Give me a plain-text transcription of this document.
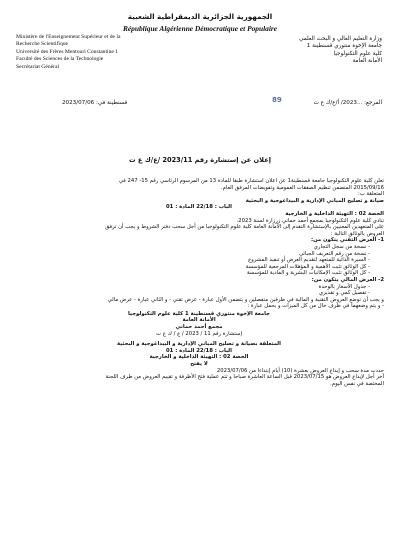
الجمهورية الجزائرية الديمقراطية الشعبية
République Algérienne Démocratique et Populaire
Ministère de l'Enseignement Supérieur et de la
Recherche Scientifique
Université des Frères Mentouri Constantine 1
Faculté des Sciences de la Technologie
Secrétariat Général
وزارة التعليم العالي و البحث العلمي
جامعة الإخوة منتوري قسنطينة 1
كلية علوم التكنولوجيا
الأمانة العامة
قسنطينة في: 2023/07/06	المرجع: ...2023/ أ/ع/ك ع ت
89
إعلان عن إستشارة رقم 2023/11 /ع/ك ع ت
تعلن كلية علوم التكنولوجيا جامعة قسنطينة1 عن اعلان استشارة طبقا للمادة 13 من المرسوم الرئاسي رقم 15- 247 في
2015/09/16 المتضمن تنظيم الصفقات العمومية وتفويضات المرفق العام.
المتعلقة ب:
صيانة و تصليح المباني الإدارية و البيداغوجية و البحثية
الباب : 22/18 المادة : 01
الحصة 02 : التهيئة الداخلية و الخارجية
تنادي كلية علوم التكنولوجيا بمجمع أحمد حماني زرزارة لسنة 2023.
على المتعهدين المعنيين بالإستشارة التقدم إلى الأمانة العامة كلية علوم التكنولوجيا من أجل سحب دفتر الشروط و يجب أن ترفق
العروض بالوثائق التالية :
1- العرض التقني يتكون من:
- نسخة من سجل التجاري
- نسخة من رقم التعريف الجبائي
- السيرة الذاتية للمتعهد لتقديم العرض أو تنفيذ المشروع
- كل الوثائق تثبت الأهمية و المؤهلات المرجعية للمؤسسة
- كل الوثائق تثبت الإمكانيات البشرية و المادية للمؤسسة
2- العرض المالي يتكون من:
- جدول الأسعار بالوحدة
- تفصيل كمي و تقديري
و يجب أن توضع العروض التقنية و المالية في ظرفين منفصلين و يتضمن الأول عبارة - عرض تقني - و الثاني عبارة - عرض مالي
- و يتم وضعهما في ظرف خال من كل الميزات و يحمل عبارة :
جامعة الإخوة منتوري قسنطينة 1 كلية علوم التكنولوجيا
الأمانة العامة
مجمع أحمد حماني
إستشارة رقم 11 / 2023 / ع / ك ع ت
المتعلقة بصيانة و تصليح المباني الإدارية و البيداغوجية و البحثية
الباب : 22/18 المادة : 01
الحصة 02 : التهيئة الداخلية و الخارجية
لا يفتح
حددت مدة سحب و إيداع العروض بعشرة (10) أيام إبتداءا من 2023/07/06
آخر أجل لإيداع العروض هو 2023/07/15 قبل الساعة العاشرة صباحا و تتم عملية فتح الأظرفة و تقييم العروض من طرف اللجنة
المختصة في نفس اليوم.
